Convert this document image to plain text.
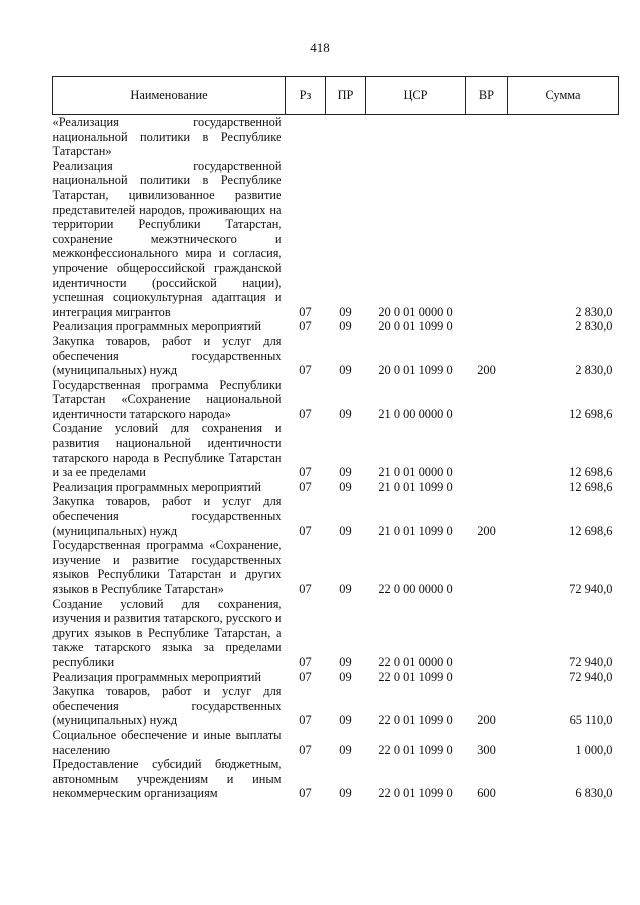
418
Наименование	Рз	ПР	ЦСР	ВР	Сумма
«Реализация государственной национальной политики в Республике Татарстан»					
Реализация государственной национальной политики в Республике Татарстан, цивилизованное развитие представителей народов, проживающих на территории Республики Татарстан, сохранение межэтнического и межконфессионального мира и согласия, упрочение общероссийской гражданской идентичности (российской нации), успешная социокультурная адаптация и интеграция мигрантов	07	09	20 0 01 0000 0		2 830,0
Реализация программных мероприятий	07	09	20 0 01 1099 0		2 830,0
Закупка товаров, работ и услуг для обеспечения государственных (муниципальных) нужд	07	09	20 0 01 1099 0	200	2 830,0
Государственная программа Республики Татарстан «Сохранение национальной идентичности татарского народа»	07	09	21 0 00 0000 0		12 698,6
Создание условий для сохранения и развития национальной идентичности татарского народа в Республике Татарстан и за ее пределами	07	09	21 0 01 0000 0		12 698,6
Реализация программных мероприятий	07	09	21 0 01 1099 0		12 698,6
Закупка товаров, работ и услуг для обеспечения государственных (муниципальных) нужд	07	09	21 0 01 1099 0	200	12 698,6
Государственная программа «Сохранение, изучение и развитие государственных языков Республики Татарстан и других языков в Республике Татарстан»	07	09	22 0 00 0000 0		72 940,0
Создание условий для сохранения, изучения и развития татарского, русского и других языков в Республике Татарстан, а также татарского языка за пределами республики	07	09	22 0 01 0000 0		72 940,0
Реализация программных мероприятий	07	09	22 0 01 1099 0		72 940,0
Закупка товаров, работ и услуг для обеспечения государственных (муниципальных) нужд	07	09	22 0 01 1099 0	200	65 110,0
Социальное обеспечение и иные выплаты населению	07	09	22 0 01 1099 0	300	1 000,0
Предоставление субсидий бюджетным, автономным учреждениям и иным некоммерческим организациям	07	09	22 0 01 1099 0	600	6 830,0
